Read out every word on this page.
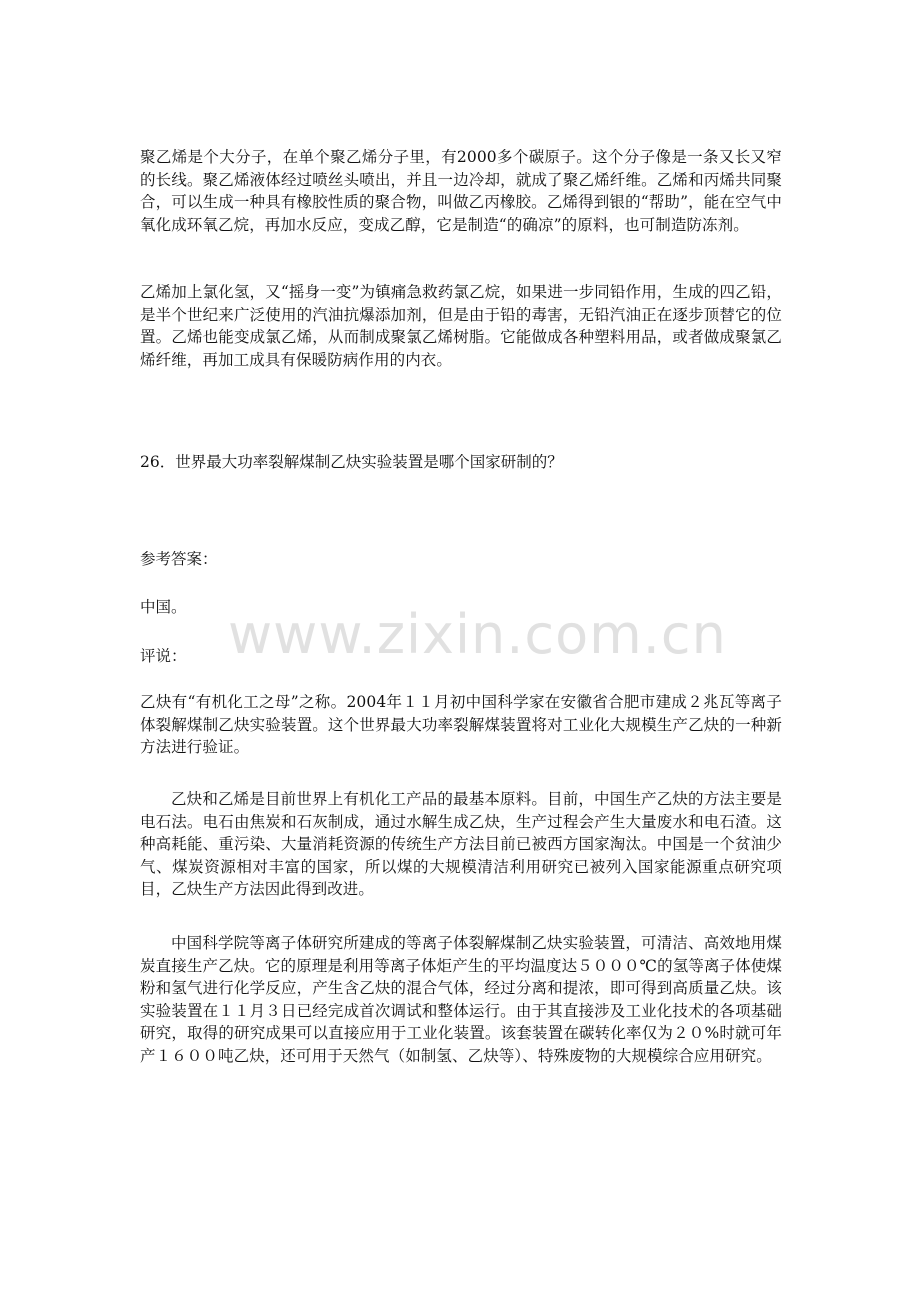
www.zixin.com.cn

聚乙烯是个大分子，在单个聚乙烯分子里，有2000多个碳原子。这个分子像是一条又长又窄的长线。聚乙烯液体经过喷丝头喷出，并且一边冷却，就成了聚乙烯纤维。乙烯和丙烯共同聚合，可以生成一种具有橡胶性质的聚合物，叫做乙丙橡胶。乙烯得到银的“帮助”，能在空气中氧化成环氧乙烷，再加水反应，变成乙醇，它是制造“的确凉”的原料，也可制造防冻剂。

乙烯加上氯化氢，又“摇身一变”为镇痛急救药氯乙烷，如果进一步同铅作用，生成的四乙铅，是半个世纪来广泛使用的汽油抗爆添加剂，但是由于铅的毒害，无铅汽油正在逐步顶替它的位置。乙烯也能变成氯乙烯，从而制成聚氯乙烯树脂。它能做成各种塑料用品，或者做成聚氯乙烯纤维，再加工成具有保暖防病作用的内衣。

26．世界最大功率裂解煤制乙炔实验装置是哪个国家研制的？

参考答案：

中国。

评说：

乙炔有“有机化工之母”之称。2004年１１月初中国科学家在安徽省合肥市建成２兆瓦等离子体裂解煤制乙炔实验装置。这个世界最大功率裂解煤装置将对工业化大规模生产乙炔的一种新方法进行验证。

乙炔和乙烯是目前世界上有机化工产品的最基本原料。目前，中国生产乙炔的方法主要是电石法。电石由焦炭和石灰制成，通过水解生成乙炔，生产过程会产生大量废水和电石渣。这种高耗能、重污染、大量消耗资源的传统生产方法目前已被西方国家淘汰。中国是一个贫油少气、煤炭资源相对丰富的国家，所以煤的大规模清洁利用研究已被列入国家能源重点研究项目，乙炔生产方法因此得到改进。

中国科学院等离子体研究所建成的等离子体裂解煤制乙炔实验装置，可清洁、高效地用煤炭直接生产乙炔。它的原理是利用等离子体炬产生的平均温度达５０００℃的氢等离子体使煤粉和氢气进行化学反应，产生含乙炔的混合气体，经过分离和提浓，即可得到高质量乙炔。该实验装置在１１月３日已经完成首次调试和整体运行。由于其直接涉及工业化技术的各项基础研究，取得的研究成果可以直接应用于工业化装置。该套装置在碳转化率仅为２０%时就可年产１６００吨乙炔，还可用于天然气（如制氢、乙炔等）、特殊废物的大规模综合应用研究。
